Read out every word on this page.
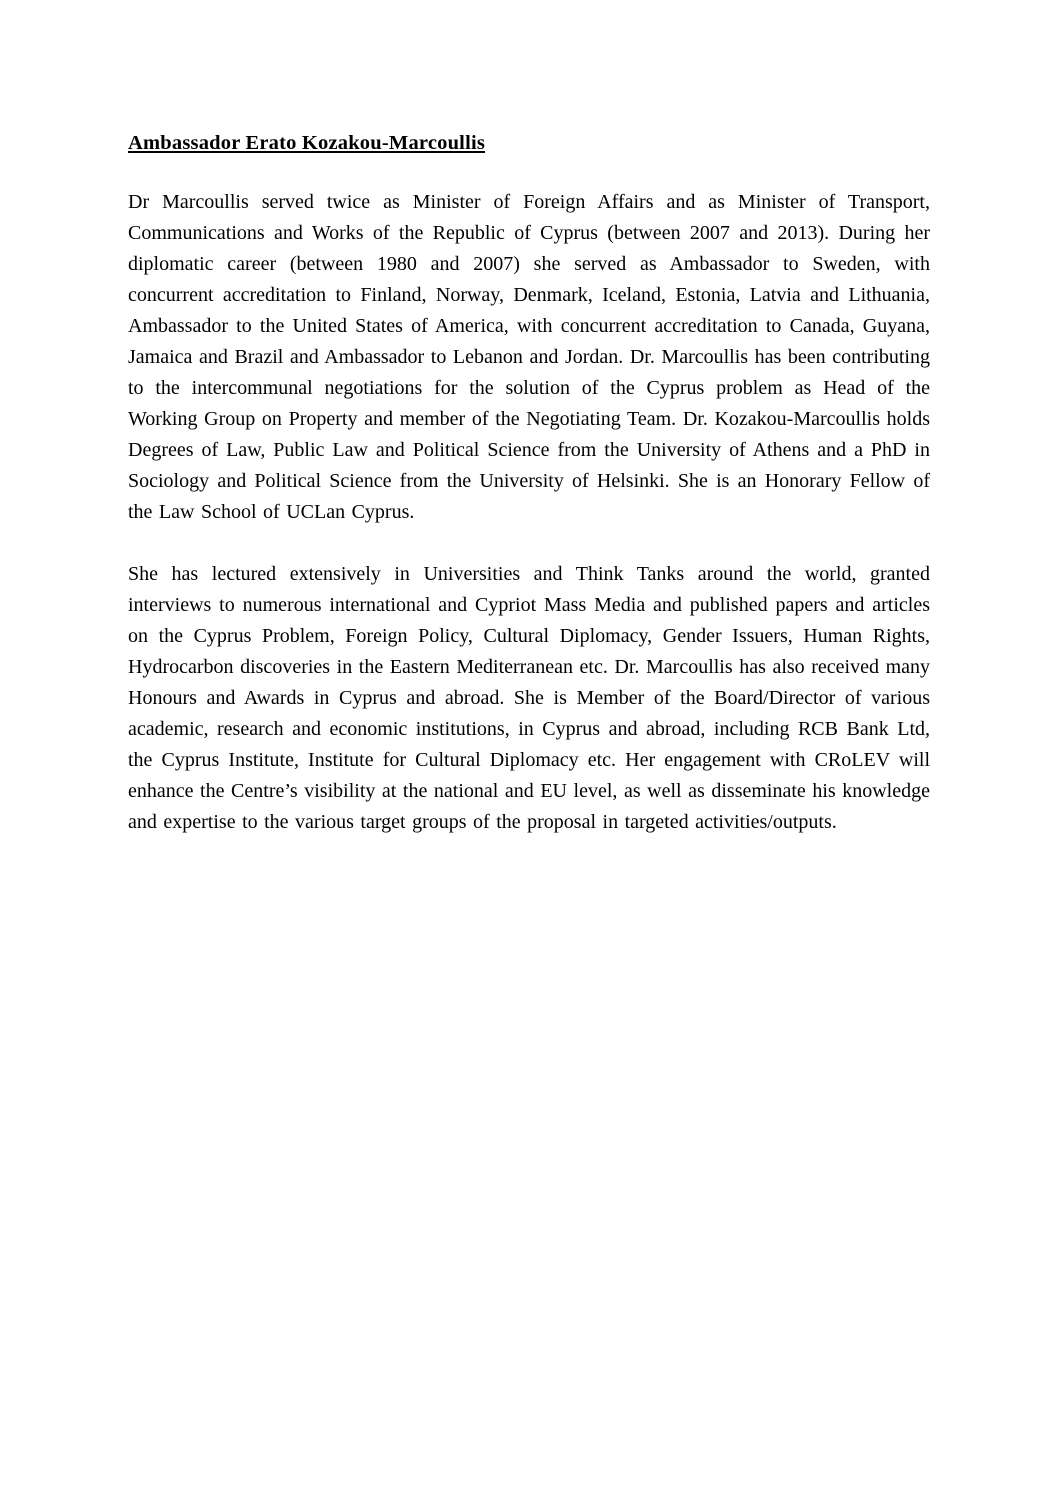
Ambassador Erato Kozakou-Marcoullis

Dr Marcoullis served twice as Minister of Foreign Affairs and as Minister of Transport, Communications and Works of the Republic of Cyprus (between 2007 and 2013). During her diplomatic career (between 1980 and 2007) she served as Ambassador to Sweden, with concurrent accreditation to Finland, Norway, Denmark, Iceland, Estonia, Latvia and Lithuania, Ambassador to the United States of America, with concurrent accreditation to Canada, Guyana, Jamaica and Brazil and Ambassador to Lebanon and Jordan. Dr. Marcoullis has been contributing to the intercommunal negotiations for the solution of the Cyprus problem as Head of the Working Group on Property and member of the Negotiating Team. Dr. Kozakou-Marcoullis holds Degrees of Law, Public Law and Political Science from the University of Athens and a PhD in Sociology and Political Science from the University of Helsinki. She is an Honorary Fellow of the Law School of UCLan Cyprus.

She has lectured extensively in Universities and Think Tanks around the world, granted interviews to numerous international and Cypriot Mass Media and published papers and articles on the Cyprus Problem, Foreign Policy, Cultural Diplomacy, Gender Issuers, Human Rights, Hydrocarbon discoveries in the Eastern Mediterranean etc. Dr. Marcoullis has also received many Honours and Awards in Cyprus and abroad. She is Member of the Board/Director of various academic, research and economic institutions, in Cyprus and abroad, including RCB Bank Ltd, the Cyprus Institute, Institute for Cultural Diplomacy etc. Her engagement with CRoLEV will enhance the Centre’s visibility at the national and EU level, as well as disseminate his knowledge and expertise to the various target groups of the proposal in targeted activities/outputs.
